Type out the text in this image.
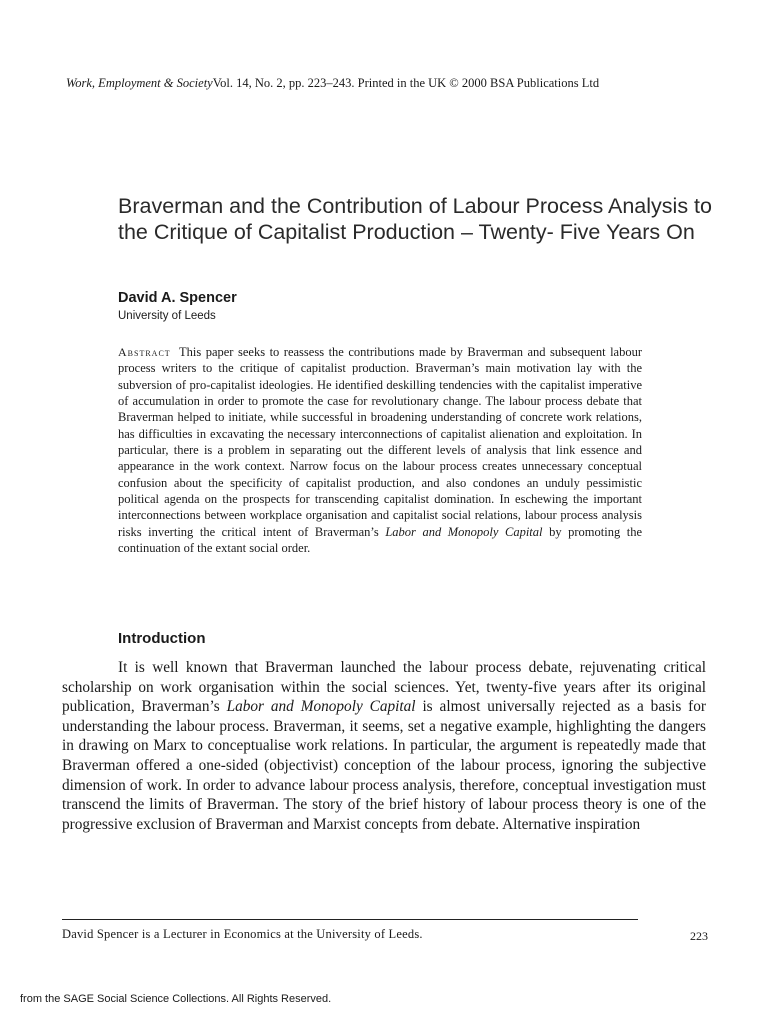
Work, Employment & SocietyVol. 14, No. 2, pp. 223–243. Printed in the UK © 2000 BSA Publications Ltd
Braverman and the Contribution of Labour Process Analysis to the Critique of Capitalist Production – Twenty- Five Years On
David A. Spencer
University of Leeds

Abstract This paper seeks to reassess the contributions made by Braverman and subsequent labour process writers to the critique of capitalist production. Braverman’s main motivation lay with the subversion of pro-capitalist ideologies. He identified deskilling tendencies with the capitalist imperative of accumulation in order to promote the case for revolutionary change. The labour process debate that Braverman helped to initiate, while successful in broadening understanding of concrete work relations, has difficulties in excavating the necessary interconnections of capitalist alienation and exploitation. In particular, there is a problem in separating out the different levels of analysis that link essence and appearance in the work context. Narrow focus on the labour process creates unnecessary conceptual confusion about the specificity of capitalist production, and also condones an unduly pessimistic political agenda on the prospects for transcending capitalist domination. In eschewing the important interconnections between workplace organisation and capitalist social relations, labour process analysis risks inverting the critical intent of Braverman’s Labor and Monopoly Capital by promoting the continuation of the extant social order.

Introduction

It is well known that Braverman launched the labour process debate, rejuvenating critical scholarship on work organisation within the social sciences. Yet, twenty-five years after its original publication, Braverman’s Labor and Monopoly Capital is almost universally rejected as a basis for understanding the labour process. Braverman, it seems, set a negative example, highlighting the dangers in drawing on Marx to conceptualise work relations. In particular, the argument is repeatedly made that Braverman offered a one-sided (objectivist) conception of the labour process, ignoring the subjective dimension of work. In order to advance labour process analysis, therefore, conceptual investigation must transcend the limits of Braverman. The story of the brief history of labour process theory is one of the progressive exclusion of Braverman and Marxist concepts from debate. Alternative inspiration

David Spencer is a Lecturer in Economics at the University of Leeds.	223
from the SAGE Social Science Collections. All Rights Reserved.
